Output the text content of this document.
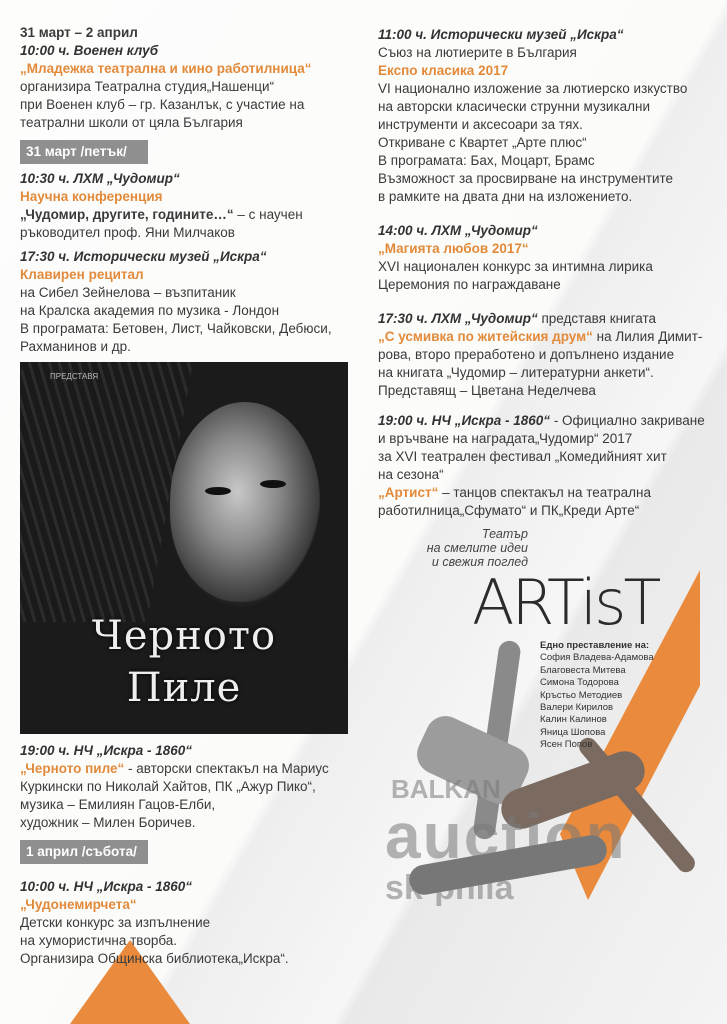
31 март – 2 април
10:00 ч. Военен клуб
„Младежка театрална и кино работилница“
организира Театрална студия„Нашенци“
при Военен клуб – гр. Казанлък, с участие на
театрални школи от цяла България
31 март /петък/
10:30 ч. ЛХМ „Чудомир“
Научна конференция
„Чудомир, другите, годините…“ – с научен
ръководител проф. Яни Милчаков
17:30 ч. Исторически музей „Искра“
Клавирен рецитал
на Сибел Зейнелова – възпитаник
на Кралска академия по музика - Лондон
В програмата: Бетовен, Лист, Чайковски, Дебюси,
Рахманинов и др.
19:00 ч. НЧ „Искра - 1860“
„Черното пиле“ - авторски спектакъл на Мариус
Куркински по Николай Хайтов, ПК „Ажур Пико“,
музика – Емилиян Гацов-Елби,
художник – Милен Боричев.
1 април /събота/
10:00 ч. НЧ „Искра - 1860“
„Чудонемирчета“
Детски конкурс за изпълнение
на хумористична творба.
Организира Общинска библиотека„Искра“.
ПРЕДСТАВЯ
Черното
Пиле
11:00 ч. Исторически музей „Искра“
Съюз на лютиерите в България
Експо класика 2017
VI национално изложение за лютиерско изкуство
на авторски класически струнни музикални
инструменти и аксесоари за тях.
Откриване с Квартет „Арте плюс“
В програмата: Бах, Моцарт, Брамс
Възможност за просвирване на инструментите
в рамките на двата дни на изложението.
14:00 ч. ЛХМ „Чудомир“
„Магията любов 2017“
XVI национален конкурс за интимна лирика
Церемония по награждаване
17:30 ч. ЛХМ „Чудомир“ представя книгата
„С усмивка по житейския друм“ на Лилия Димит-
рова, второ преработено и допълнено издание
на книгата „Чудомир – литературни анкети“.
Представящ – Цветана Неделчева
19:00 ч. НЧ „Искра - 1860“ - Официално закриване
и връчване на наградата„Чудомир“ 2017
за XVI театрален фестивал „Комедийният хит
на сезона“
„Артист“ – танцов спектакъл на театрална
работилница„Сфумато“ и ПК„Креди Арте“
Театър
на смелите идеи
и свежия поглед
ARTisT
Едно преставление на:
София Владева-Адамова
Благовеста Митева
Симона Тодорова
Кръстьо Методиев
Валери Кирилов
Калин Калинов
Яница Шопова
Ясен Попов
BALKAN
auction
sk-phila
